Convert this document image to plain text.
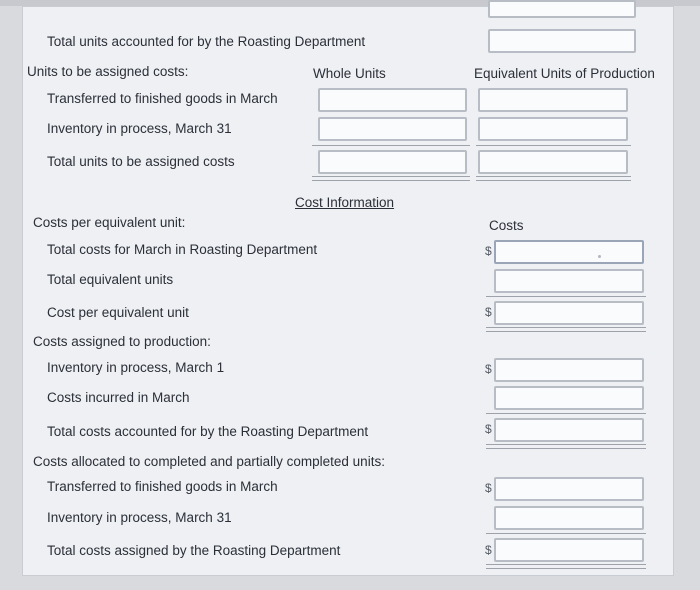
Total units accounted for by the Roasting Department
Units to be assigned costs:	Whole Units	Equivalent Units of Production
Transferred to finished goods in March
Inventory in process, March 31
Total units to be assigned costs
Cost Information
Costs
Costs per equivalent unit:
Total costs for March in Roasting Department	$
Total equivalent units
Cost per equivalent unit	$
Costs assigned to production:
Inventory in process, March 1	$
Costs incurred in March
Total costs accounted for by the Roasting Department	$
Costs allocated to completed and partially completed units:
Transferred to finished goods in March	$
Inventory in process, March 31
Total costs assigned by the Roasting Department	$
